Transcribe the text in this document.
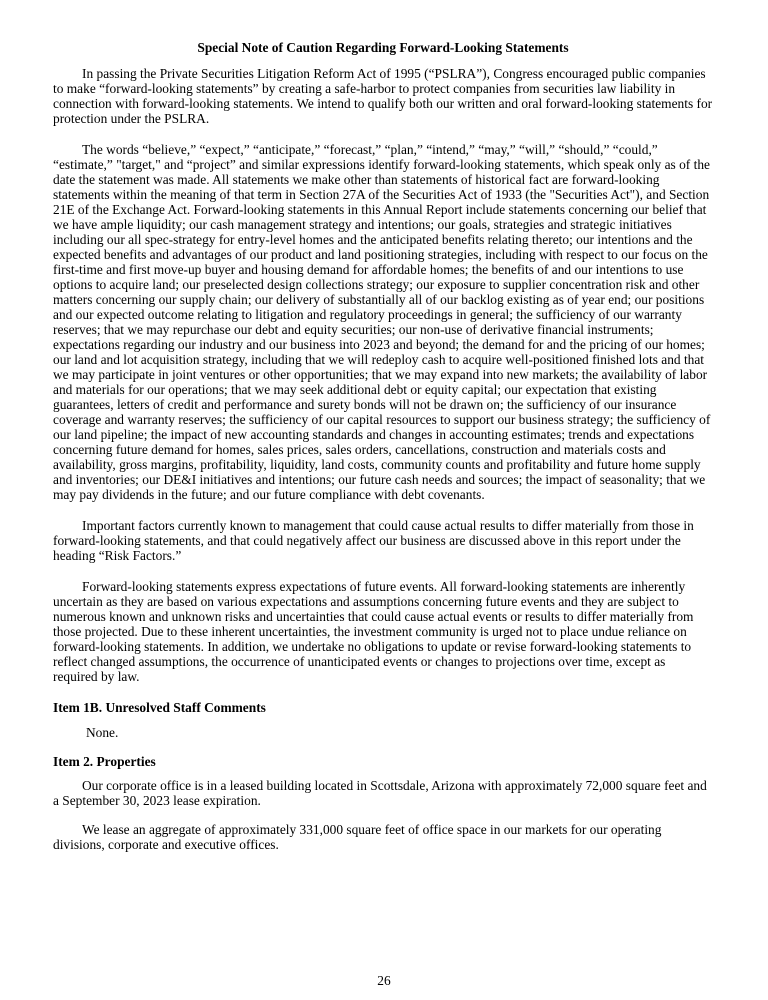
Special Note of Caution Regarding Forward-Looking Statements

In passing the Private Securities Litigation Reform Act of 1995 (“PSLRA”), Congress encouraged public companies to make “forward-looking statements” by creating a safe-harbor to protect companies from securities law liability in connection with forward-looking statements. We intend to qualify both our written and oral forward-looking statements for protection under the PSLRA.

The words “believe,” “expect,” “anticipate,” “forecast,” “plan,” “intend,” “may,” “will,” “should,” “could,” “estimate,” "target," and “project” and similar expressions identify forward-looking statements, which speak only as of the date the statement was made. All statements we make other than statements of historical fact are forward-looking statements within the meaning of that term in Section 27A of the Securities Act of 1933 (the "Securities Act"), and Section 21E of the Exchange Act. Forward-looking statements in this Annual Report include statements concerning our belief that we have ample liquidity; our cash management strategy and intentions; our goals, strategies and strategic initiatives including our all spec-strategy for entry-level homes and the anticipated benefits relating thereto; our intentions and the expected benefits and advantages of our product and land positioning strategies, including with respect to our focus on the first-time and first move-up buyer and housing demand for affordable homes; the benefits of and our intentions to use options to acquire land; our preselected design collections strategy; our exposure to supplier concentration risk and other matters concerning our supply chain; our delivery of substantially all of our backlog existing as of year end; our positions and our expected outcome relating to litigation and regulatory proceedings in general; the sufficiency of our warranty reserves; that we may repurchase our debt and equity securities; our non-use of derivative financial instruments; expectations regarding our industry and our business into 2023 and beyond; the demand for and the pricing of our homes; our land and lot acquisition strategy, including that we will redeploy cash to acquire well-positioned finished lots and that we may participate in joint ventures or other opportunities; that we may expand into new markets; the availability of labor and materials for our operations; that we may seek additional debt or equity capital; our expectation that existing guarantees, letters of credit and performance and surety bonds will not be drawn on; the sufficiency of our insurance coverage and warranty reserves; the sufficiency of our capital resources to support our business strategy; the sufficiency of our land pipeline; the impact of new accounting standards and changes in accounting estimates; trends and expectations concerning future demand for homes, sales prices, sales orders, cancellations, construction and materials costs and availability, gross margins, profitability, liquidity, land costs, community counts and profitability and future home supply and inventories; our DE&I initiatives and intentions; our future cash needs and sources; the impact of seasonality; that we may pay dividends in the future; and our future compliance with debt covenants.

Important factors currently known to management that could cause actual results to differ materially from those in forward-looking statements, and that could negatively affect our business are discussed above in this report under the heading “Risk Factors.”

Forward-looking statements express expectations of future events. All forward-looking statements are inherently uncertain as they are based on various expectations and assumptions concerning future events and they are subject to numerous known and unknown risks and uncertainties that could cause actual events or results to differ materially from those projected. Due to these inherent uncertainties, the investment community is urged not to place undue reliance on forward-looking statements. In addition, we undertake no obligations to update or revise forward-looking statements to reflect changed assumptions, the occurrence of unanticipated events or changes to projections over time, except as required by law.

Item 1B. Unresolved Staff Comments

None.

Item 2. Properties

Our corporate office is in a leased building located in Scottsdale, Arizona with approximately 72,000 square feet and a September 30, 2023 lease expiration.

We lease an aggregate of approximately 331,000 square feet of office space in our markets for our operating divisions, corporate and executive offices.

26
